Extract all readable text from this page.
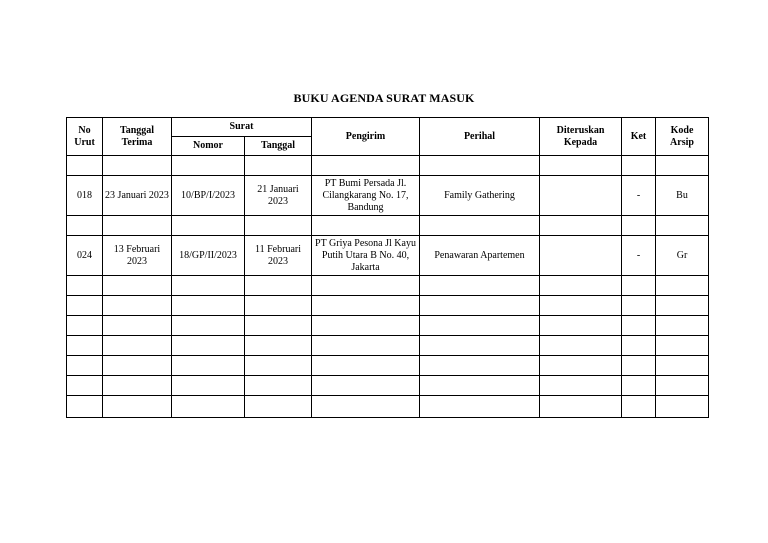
BUKU AGENDA SURAT MASUK
No Urut	Tanggal Terima	Surat		Pengirim	Perihal	Diteruskan Kepada	Ket	Kode Arsip
		Nomor	Tanggal					

018	23 Januari 2023	10/BP/I/2023	21 Januari 2023	PT Bumi Persada Jl. Cilangkarang No. 17, Bandung	Family Gathering		-	Bu

024	13 Februari 2023	18/GP/II/2023	11 Februari 2023	PT Griya Pesona Jl Kayu Putih Utara B No. 40, Jakarta	Penawaran Apartemen		-	Gr
